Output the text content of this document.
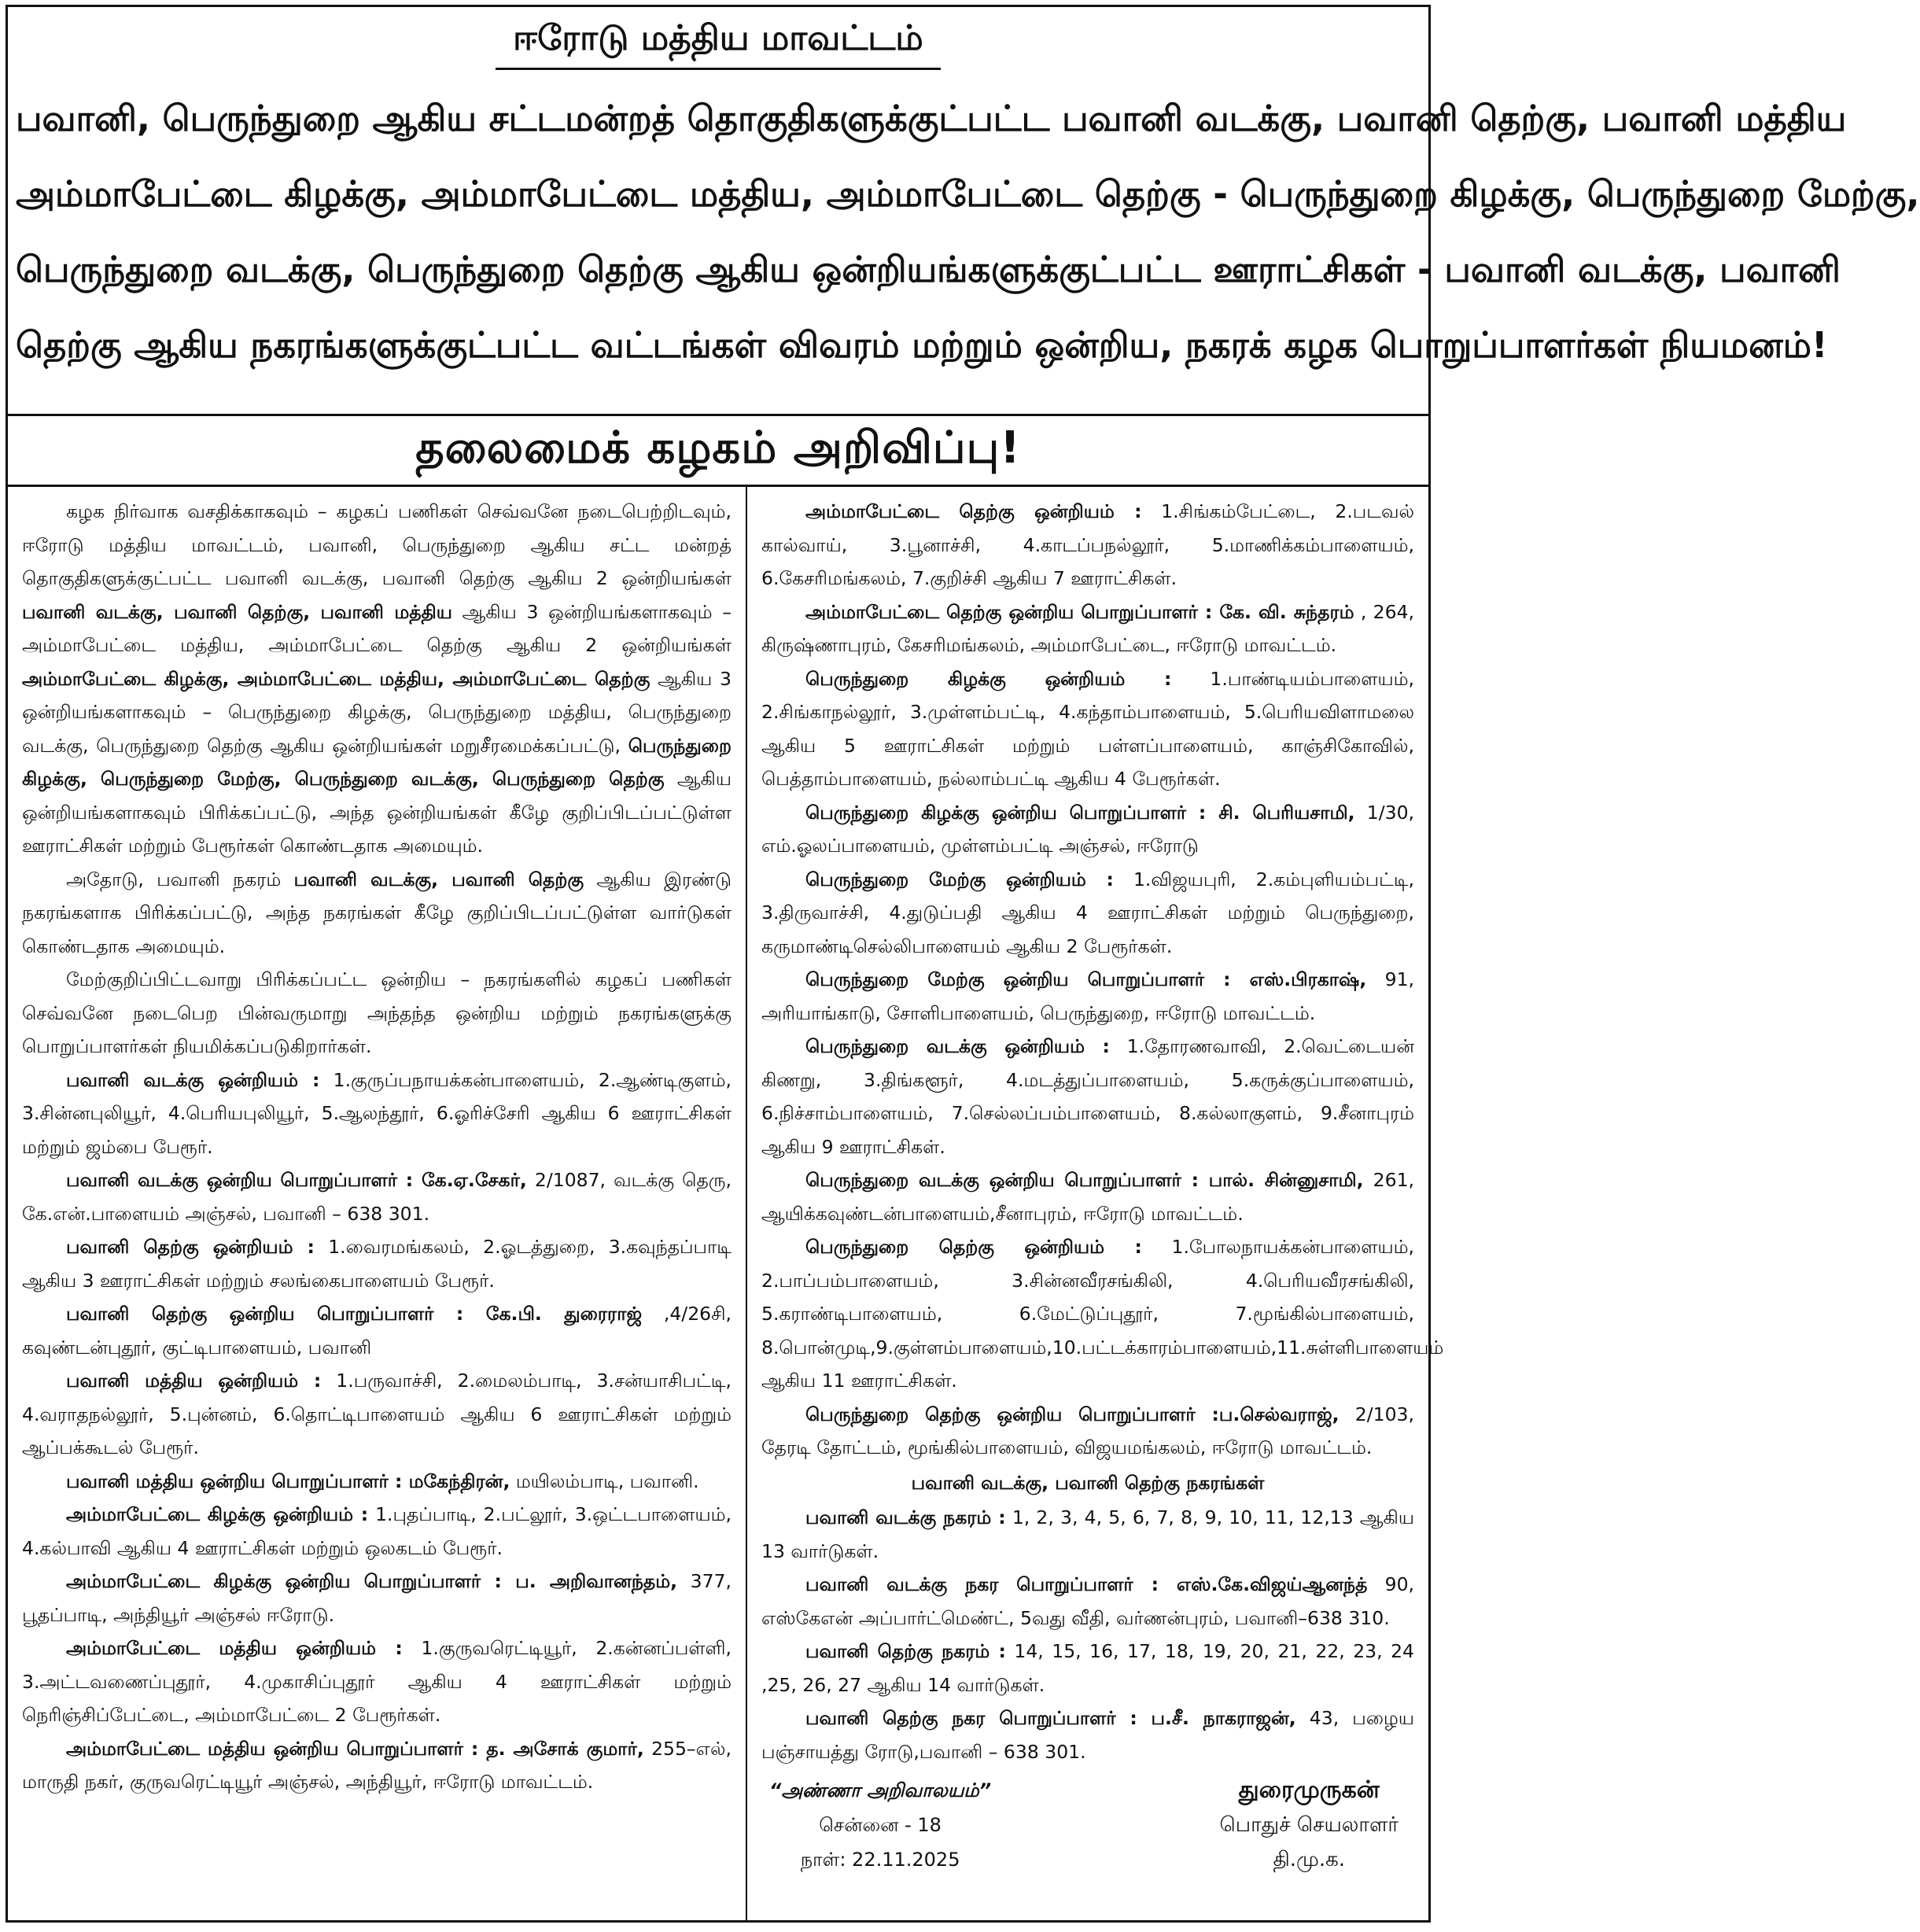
ஈரோடு மத்திய மாவட்டம்

பவானி, பெருந்துறை ஆகிய சட்டமன்றத் தொகுதிகளுக்குட்பட்ட பவானி வடக்கு, பவானி தெற்கு, பவானி மத்திய

அம்மாபேட்டை கிழக்கு, அம்மாபேட்டை மத்திய, அம்மாபேட்டை தெற்கு - பெருந்துறை கிழக்கு, பெருந்துறை மேற்கு,

பெருந்துறை வடக்கு, பெருந்துறை தெற்கு ஆகிய ஒன்றியங்களுக்குட்பட்ட ஊராட்சிகள் - பவானி வடக்கு, பவானி

தெற்கு ஆகிய நகரங்களுக்குட்பட்ட வட்டங்கள் விவரம் மற்றும் ஒன்றிய, நகரக் கழக பொறுப்பாளர்கள் நியமனம்!

தலைமைக் கழகம் அறிவிப்பு!

கழக நிர்வாக வசதிக்காகவும் – கழகப் பணிகள் செவ்வனே நடைபெற்றிடவும், ஈரோடு மத்திய மாவட்டம், பவானி, பெருந்துறை ஆகிய சட்ட மன்றத் தொகுதிகளுக்குட்பட்ட பவானி வடக்கு, பவானி தெற்கு ஆகிய 2 ஒன்றியங்கள் பவானி வடக்கு, பவானி தெற்கு, பவானி மத்திய ஆகிய 3 ஒன்றியங்களாகவும் – அம்மாபேட்டை மத்திய, அம்மாபேட்டை தெற்கு ஆகிய 2 ஒன்றியங்கள் அம்மாபேட்டை கிழக்கு, அம்மாபேட்டை மத்திய, அம்மாபேட்டை தெற்கு ஆகிய 3 ஒன்றியங்களாகவும் – பெருந்துறை கிழக்கு, பெருந்துறை மத்திய, பெருந்துறை வடக்கு, பெருந்துறை தெற்கு ஆகிய ஒன்றியங்கள் மறுசீரமைக்கப்பட்டு, பெருந்துறை கிழக்கு, பெருந்துறை மேற்கு, பெருந்துறை வடக்கு, பெருந்துறை தெற்கு ஆகிய ஒன்றியங்களாகவும் பிரிக்கப்பட்டு, அந்த ஒன்றியங்கள் கீழே குறிப்பிடப்பட்டுள்ள ஊராட்சிகள் மற்றும் பேரூர்கள் கொண்டதாக அமையும்.

அதோடு, பவானி நகரம் பவானி வடக்கு, பவானி தெற்கு ஆகிய இரண்டு நகரங்களாக பிரிக்கப்பட்டு, அந்த நகரங்கள் கீழே குறிப்பிடப்பட்டுள்ள வார்டுகள் கொண்டதாக அமையும்.

மேற்குறிப்பிட்டவாறு பிரிக்கப்பட்ட ஒன்றிய – நகரங்களில் கழகப் பணிகள் செவ்வனே நடைபெற பின்வருமாறு அந்தந்த ஒன்றிய மற்றும் நகரங்களுக்கு பொறுப்பாளர்கள் நியமிக்கப்படுகிறார்கள்.

பவானி வடக்கு ஒன்றியம் : 1.குருப்பநாயக்கன்பாளையம், 2.ஆண்டிகுளம், 3.சின்னபுலியூர், 4.பெரியபுலியூர், 5.ஆலந்தூர், 6.ஓரிச்சேரி ஆகிய 6 ஊராட்சிகள் மற்றும் ஜம்பை பேரூர்.

பவானி வடக்கு ஒன்றிய பொறுப்பாளர் : கே.ஏ.சேகர், 2/1087, வடக்கு தெரு, கே.என்.பாளையம் அஞ்சல், பவானி – 638 301.

பவானி தெற்கு ஒன்றியம் : 1.வைரமங்கலம், 2.ஓடத்துறை, 3.கவுந்தப்பாடி ஆகிய 3 ஊராட்சிகள் மற்றும் சலங்கைபாளையம் பேரூர்.

பவானி தெற்கு ஒன்றிய பொறுப்பாளர் : கே.பி. துரைராஜ் ,4/26சி, கவுண்டன்புதூர், குட்டிபாளையம், பவானி

பவானி மத்திய ஒன்றியம் : 1.பருவாச்சி, 2.மைலம்பாடி, 3.சன்யாசிபட்டி, 4.வராதநல்லூர், 5.புன்னம், 6.தொட்டிபாளையம் ஆகிய 6 ஊராட்சிகள் மற்றும் ஆப்பக்கூடல் பேரூர்.

பவானி மத்திய ஒன்றிய பொறுப்பாளர் : மகேந்திரன், மயிலம்பாடி, பவானி.

அம்மாபேட்டை கிழக்கு ஒன்றியம் : 1.புதப்பாடி, 2.பட்லூர், 3.ஒட்டபாளையம், 4.கல்பாவி ஆகிய 4 ஊராட்சிகள் மற்றும் ஒலகடம் பேரூர்.

அம்மாபேட்டை கிழக்கு ஒன்றிய பொறுப்பாளர் : ப. அறிவானந்தம், 377, பூதப்பாடி, அந்தியூர் அஞ்சல் ஈரோடு.

அம்மாபேட்டை மத்திய ஒன்றியம் : 1.குருவரெட்டியூர், 2.கன்னப்பள்ளி, 3.அட்டவணைப்புதூர், 4.முகாசிப்புதூர் ஆகிய 4 ஊராட்சிகள் மற்றும் நெரிஞ்சிப்பேட்டை, அம்மாபேட்டை 2 பேரூர்கள்.

அம்மாபேட்டை மத்திய ஒன்றிய பொறுப்பாளர் : த. அசோக் குமார், 255–எல், மாருதி நகர், குருவரெட்டியூர் அஞ்சல், அந்தியூர், ஈரோடு மாவட்டம்.

அம்மாபேட்டை தெற்கு ஒன்றியம் : 1.சிங்கம்பேட்டை, 2.படவல் கால்வாய், 3.பூனாச்சி, 4.காடப்பநல்லூர், 5.மாணிக்கம்பாளையம், 6.கேசரிமங்கலம், 7.குறிச்சி ஆகிய 7 ஊராட்சிகள்.

அம்மாபேட்டை தெற்கு ஒன்றிய பொறுப்பாளர் : கே. வி. சுந்தரம் , 264, கிருஷ்ணாபுரம், கேசரிமங்கலம், அம்மாபேட்டை, ஈரோடு மாவட்டம்.

பெருந்துறை கிழக்கு ஒன்றியம் : 1.பாண்டியம்பாளையம், 2.சிங்காநல்லூர், 3.முள்ளம்பட்டி, 4.கந்தாம்பாளையம், 5.பெரியவிளாமலை ஆகிய 5 ஊராட்சிகள் மற்றும் பள்ளப்பாளையம், காஞ்சிகோவில், பெத்தாம்பாளையம், நல்லாம்பட்டி ஆகிய 4 பேரூர்கள்.

பெருந்துறை கிழக்கு ஒன்றிய பொறுப்பாளர் : சி. பெரியசாமி, 1/30, எம்.ஓலப்பாளையம், முள்ளம்பட்டி அஞ்சல், ஈரோடு

பெருந்துறை மேற்கு ஒன்றியம் : 1.விஜயபுரி, 2.கம்புளியம்பட்டி, 3.திருவாச்சி, 4.துடுப்பதி ஆகிய 4 ஊராட்சிகள் மற்றும் பெருந்துறை, கருமாண்டிசெல்லிபாளையம் ஆகிய 2 பேரூர்கள்.

பெருந்துறை மேற்கு ஒன்றிய பொறுப்பாளர் : எஸ்.பிரகாஷ், 91, அரியாங்காடு, சோளிபாளையம், பெருந்துறை, ஈரோடு மாவட்டம்.

பெருந்துறை வடக்கு ஒன்றியம் : 1.தோரணவாவி, 2.வெட்டையன் கிணறு, 3.திங்களூர், 4.மடத்துப்பாளையம், 5.கருக்குப்பாளையம், 6.நிச்சாம்பாளையம், 7.செல்லப்பம்பாளையம், 8.கல்லாகுளம், 9.சீனாபுரம் ஆகிய 9 ஊராட்சிகள்.

பெருந்துறை வடக்கு ஒன்றிய பொறுப்பாளர் : பால். சின்னுசாமி, 261, ஆயிக்கவுண்டன்பாளையம்,சீனாபுரம், ஈரோடு மாவட்டம்.

பெருந்துறை தெற்கு ஒன்றியம் : 1.போலநாயக்கன்பாளையம், 2.பாப்பம்பாளையம், 3.சின்னவீரசங்கிலி, 4.பெரியவீரசங்கிலி, 5.கராண்டிபாளையம், 6.மேட்டுப்புதூர், 7.மூங்கில்பாளையம், 8.பொன்முடி,9.குள்ளம்பாளையம்,10.பட்டக்காரம்பாளையம்,11.சுள்ளிபாளையம் ஆகிய 11 ஊராட்சிகள்.

பெருந்துறை தெற்கு ஒன்றிய பொறுப்பாளர் :ப.செல்வராஜ், 2/103, தேரடி தோட்டம், மூங்கில்பாளையம், விஜயமங்கலம், ஈரோடு மாவட்டம்.

பவானி வடக்கு, பவானி தெற்கு நகரங்கள்

பவானி வடக்கு நகரம் : 1, 2, 3, 4, 5, 6, 7, 8, 9, 10, 11, 12,13 ஆகிய 13 வார்டுகள்.

பவானி வடக்கு நகர பொறுப்பாளர் : எஸ்.கே.விஜய்ஆனந்த் 90, எஸ்கேஎன் அப்பார்ட்மெண்ட், 5வது வீதி, வர்ணன்புரம், பவானி–638 310.

பவானி தெற்கு நகரம் : 14, 15, 16, 17, 18, 19, 20, 21, 22, 23, 24 ,25, 26, 27 ஆகிய 14 வார்டுகள்.

பவானி தெற்கு நகர பொறுப்பாளர் : ப.சீ. நாகராஜன், 43, பழைய பஞ்சாயத்து ரோடு,பவானி – 638 301.

“அண்ணா அறிவாலயம்”
சென்னை - 18
நாள்: 22.11.2025
துரைமுருகன்
பொதுச் செயலாளர்
தி.மு.க.
